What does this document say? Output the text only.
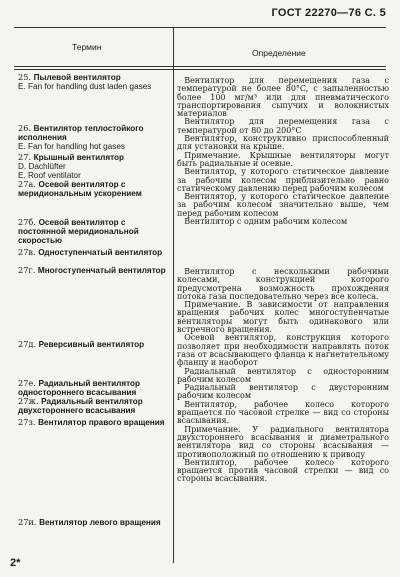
ГОСТ 22270—76 С. 5
Термин
Определение
25. Пылевой вентилятор
E. Fan for handling dust laden gases
26. Вентилятор теплостойкого исполнения
E. Fan for handling hot gases
27. Крышный вентилятор
D. Dachlüfter
E. Roof ventilator
27а. Осевой вентилятор с меридиональным ускорением
27б. Осевой вентилятор с постоянной меридиональной скоростью
27в. Одноступенчатый вентилятор
27г. Многоступенчатый вентилятор
27д. Реверсивный вентилятор
27е. Радиальный вентилятор одностороннего всасывания
27ж. Радиальный вентилятор двухстороннего всасывания
27з. Вентилятор правого вращения
27и. Вентилятор левого вращения

Вентилятор для перемещения газа с температурой не более 80°C, с запыленностью более 100 мг/м³ или для пневматического транспортирования сыпучих и волокнистых материалов

Вентилятор для перемещения газа с температурой от 80 до 200°C

Вентилятор, конструктивно приспособленный для установки на крыше.

Примечание. Крышные вентиляторы могут быть радиальные и осевые.

Вентилятор, у которого статическое давление за рабочим колесом приблизительно равно статическому давлению перед рабочим колесом

Вентилятор, у которого статическое давление за рабочим колесом значительно выше, чем перед рабочим колесом

Вентилятор с одним рабочим колесом

Вентилятор с несколькими рабочими колесами, конструкцией которого предусмотрена возможность прохождения потока газа последовательно через все колеса.

Примечание. В зависимости от направления вращения рабочих колес многоступенчатые вентиляторы могут быть одинакового или встречного вращения.

Осевой вентилятор, конструкция которого позволяет при необходимости направлять поток газа от всасывающего фланца к нагнетательному фланцу и наоборот

Радиальный вентилятор с односторонним рабочим колесом

Радиальный вентилятор с двусторонним рабочим колесом

Вентилятор, рабочее колесо которого вращается по часовой стрелке — вид со стороны всасывания.

Примечание. У радиального вентилятора двухстороннего всасывания и диаметрального вентилятора вид со стороны всасывания — противоположный по отношению к приводу

Вентилятор, рабочее колесо которого вращается против часовой стрелки — вид со стороны всасывания.

2*
